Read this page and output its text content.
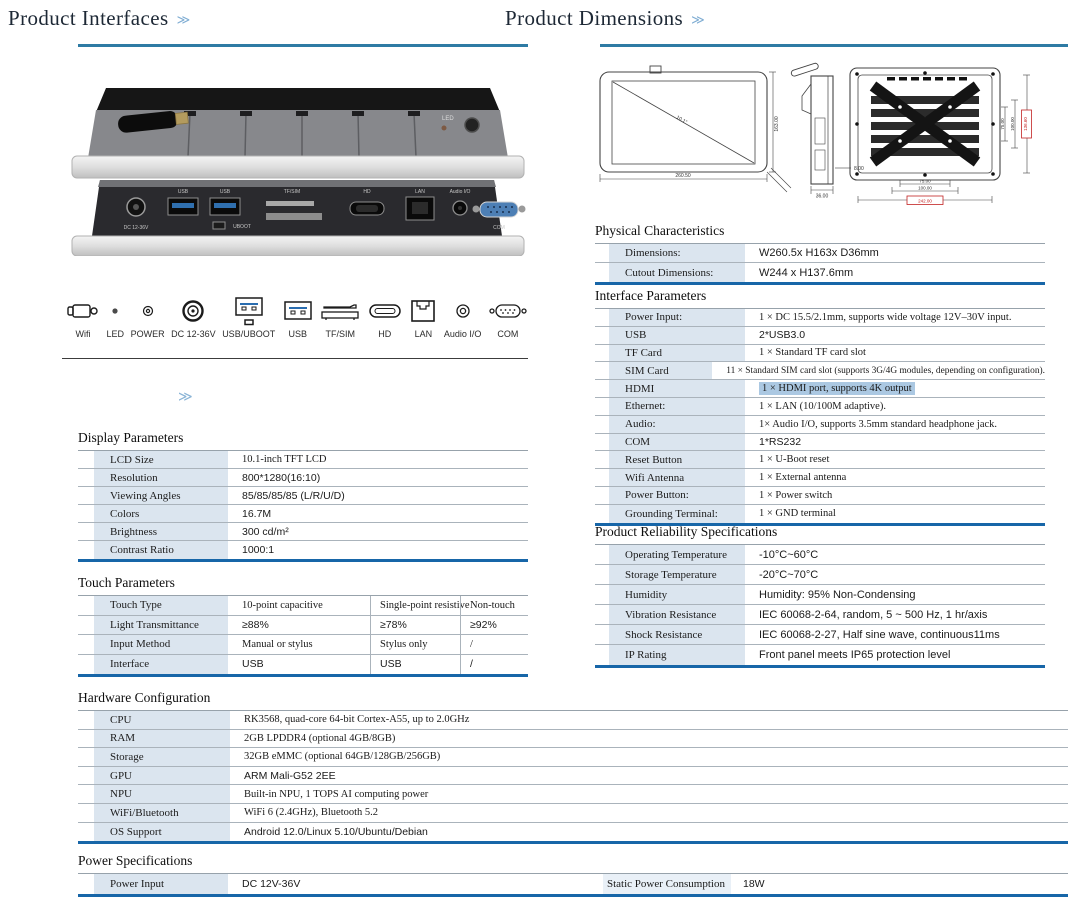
Product Interfaces ≫	Product Dimensions ≫
LED
DC 12-36V
USB	USB
UBOOT
TF/SIM	HD	LAN	Audio I/O
COM
Wifi LED POWER DC 12-36V USB/UBOOT USB TF/SIM	HD	LAN Audio I/O COM
≫
Display Parameters
LCD Size	10.1-inch TFT LCD
Resolution	800*1280(16:10)
Viewing Angles	85/85/85/85 (L/R/U/D)
Colors	16.7M
Brightness	300 cd/m²
Contrast Ratio	1000:1
Touch Parameters
Touch Type	10-point capacitive	Single-point resistive Non-touch
Light Transmittance	≥88%	≥78%	≥92%
Input Method	Manual or stylus	Stylus only	/
Interface	USB	USB	/
260.50
163.00
10.1"
36.00
8.00
75.00 100.00 136.60
75.00
100.00
242.00
Physical Characteristics
Dimensions:	W260.5x H163x D36mm
Cutout Dimensions:	W244 x H137.6mm
Interface Parameters
Power Input:	1 × DC 15.5/2.1mm, supports wide voltage 12V–30V input.
USB	2*USB3.0
TF Card	1 × Standard TF card slot
SIM Card	11 × Standard SIM card slot (supports 3G/4G modules, depending on configuration).
HDMI	1 × HDMI port, supports 4K output
Ethernet:	1 × LAN (10/100M adaptive).
Audio:	1× Audio I/O, supports 3.5mm standard headphone jack.
COM	1*RS232
Reset Button	1 × U-Boot reset
Wifi Antenna	1 × External antenna
Power Button:	1 × Power switch
Grounding Terminal:	1 × GND terminal
Product Reliability Specifications
Operating Temperature	-10°C~60°C
Storage Temperature	-20°C~70°C
Humidity	Humidity: 95% Non-Condensing
Vibration Resistance	IEC 60068-2-64, random, 5 ~ 500 Hz, 1 hr/axis
Shock Resistance	IEC 60068-2-27, Half sine wave, continuous11ms
IP Rating	Front panel meets IP65 protection level
Hardware Configuration
CPU	RK3568, quad-core 64-bit Cortex-A55, up to 2.0GHz
RAM	2GB LPDDR4 (optional 4GB/8GB)
Storage	32GB eMMC (optional 64GB/128GB/256GB)
GPU	ARM Mali-G52 2EE
NPU	Built-in NPU, 1 TOPS AI computing power
WiFi/Bluetooth	WiFi 6 (2.4GHz), Bluetooth 5.2
OS Support	Android 12.0/Linux 5.10/Ubuntu/Debian
Power Specifications
Power Input	DC 12V-36V	Static Power Consumption	18W
